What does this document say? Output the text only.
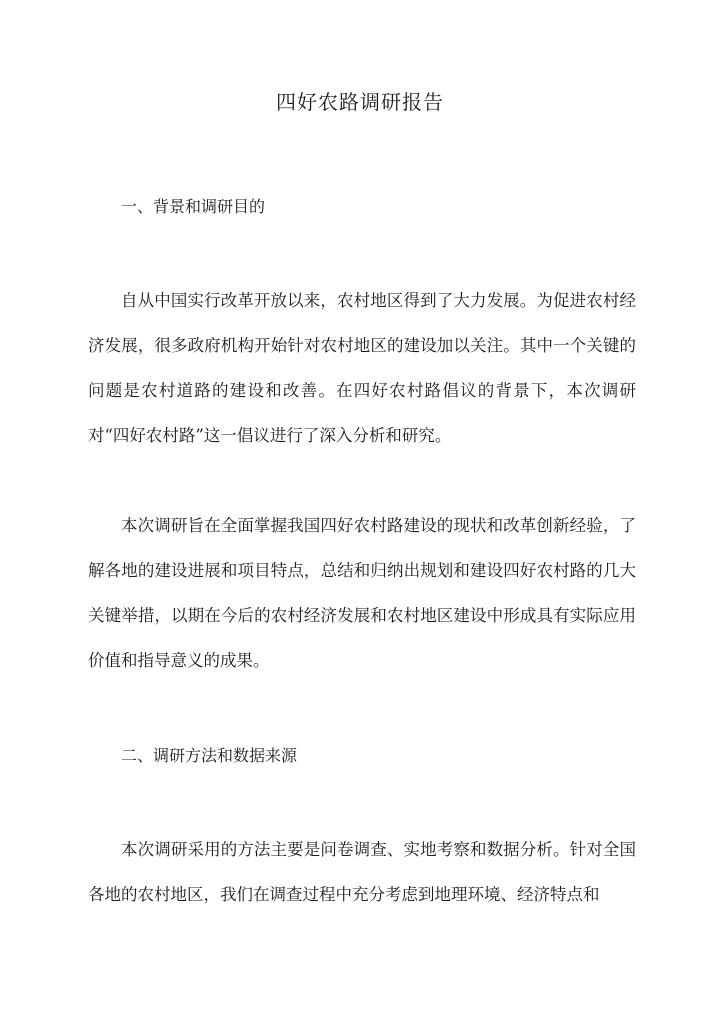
四好农路调研报告
一、背景和调研目的

自从中国实行改革开放以来，农村地区得到了大力发展。为促进农村经济发展，很多政府机构开始针对农村地区的建设加以关注。其中一个关键的问题是农村道路的建设和改善。在四好农村路倡议的背景下，本次调研对“四好农村路”这一倡议进行了深入分析和研究。

本次调研旨在全面掌握我国四好农村路建设的现状和改革创新经验，了解各地的建设进展和项目特点，总结和归纳出规划和建设四好农村路的几大关键举措，以期在今后的农村经济发展和农村地区建设中形成具有实际应用价值和指导意义的成果。

二、调研方法和数据来源

本次调研采用的方法主要是问卷调查、实地考察和数据分析。针对全国各地的农村地区，我们在调查过程中充分考虑到地理环境、经济特点和
